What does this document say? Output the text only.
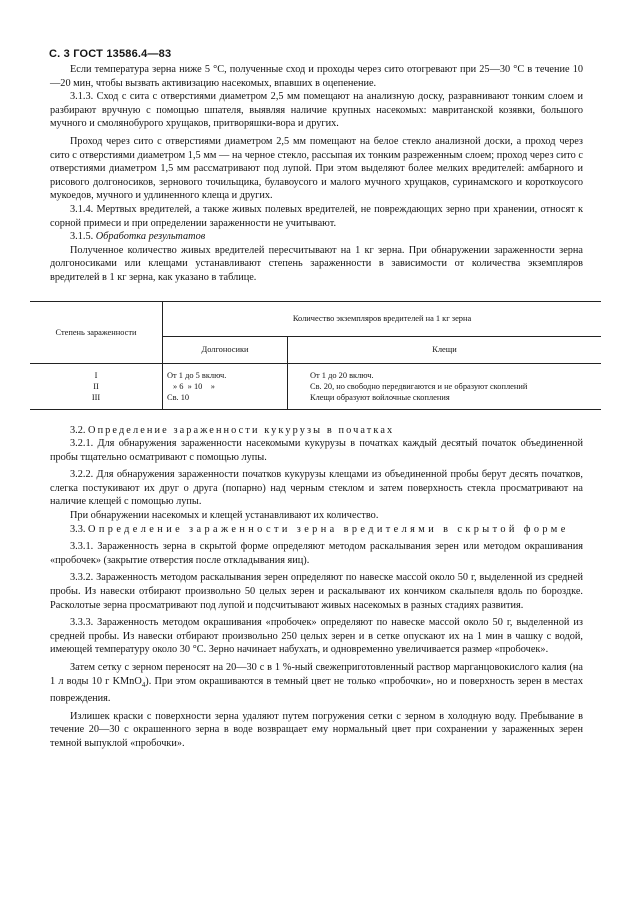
С. 3 ГОСТ 13586.4—83

Если температура зерна ниже 5 °С, полученные сход и проходы через сито отогревают при 25—30 °С в течение 10—20 мин, чтобы вызвать активизацию насекомых, впавших в оцепенение.

3.1.3. Сход с сита с отверстиями диаметром 2,5 мм помещают на анализную доску, разравнивают тонким слоем и разбирают вручную с помощью шпателя, выявляя наличие крупных насекомых: мавританской козявки, большого мучного и смолянобурого хрущаков, притворяшки-вора и других.

Проход через сито с отверстиями диаметром 2,5 мм помещают на белое стекло анализной доски, а проход через сито с отверстиями диаметром 1,5 мм — на черное стекло, рассыпая их тонким разреженным слоем; проход через сито с отверстиями диаметром 1,5 мм рассматривают под лупой. При этом выделяют более мелких вредителей: амбарного и рисового долгоносиков, зернового точильщика, булавоусого и малого мучного хрущаков, суринамского и короткоусого мукоедов, мучного и удлиненного клеща и других.

3.1.4. Мертвых вредителей, а также живых полевых вредителей, не повреждающих зерно при хранении, относят к сорной примеси и при определении зараженности не учитывают.

3.1.5. Обработка результатов

Полученное количество живых вредителей пересчитывают на 1 кг зерна. При обнаружении зараженности зерна долгоносиками или клещами устанавливают степень зараженности в зависимости от количества экземпляров вредителей в 1 кг зерна, как указано в таблице.

Степень зараженности	Количество экземпляров вредителей на 1 кг зерна	
	Долгоносики	Клещи
I	От 1 до 5 включ.	От 1 до 20 включ.
II	» 6  » 10    »	Св. 20, но свободно передвигаются и не образуют скоплений
III	Св. 10	Клещи образуют войлочные скопления

3.2. Определение зараженности кукурузы в початках

3.2.1. Для обнаружения зараженности насекомыми кукурузы в початках каждый десятый початок объединенной пробы тщательно осматривают с помощью лупы.

3.2.2. Для обнаружения зараженности початков кукурузы клещами из объединенной пробы берут десять початков, слегка постукивают их друг о друга (попарно) над черным стеклом и затем поверхность стекла просматривают на наличие клещей с помощью лупы.

При обнаружении насекомых и клещей устанавливают их количество.

3.3. Определение зараженности зерна вредителями в скрытой форме

3.3.1. Зараженность зерна в скрытой форме определяют методом раскалывания зерен или методом окрашивания «пробочек» (закрытие отверстия после откладывания яиц).

3.3.2. Зараженность методом раскалывания зерен определяют по навеске массой около 50 г, выделенной из средней пробы. Из навески отбирают произвольно 50 целых зерен и раскалывают их кончиком скальпеля вдоль по бороздке. Расколотые зерна просматривают под лупой и подсчитывают живых насекомых в разных стадиях развития.

3.3.3. Зараженность методом окрашивания «пробочек» определяют по навеске массой около 50 г, выделенной из средней пробы. Из навески отбирают произвольно 250 целых зерен и в сетке опускают их на 1 мин в чашку с водой, имеющей температуру около 30 °С. Зерно начинает набухать, и одновременно увеличивается размер «пробочек».

Затем сетку с зерном переносят на 20—30 с в 1 %-ный свежеприготовленный раствор марганцовокислого калия (на 1 л воды 10 г KMnO$_4$). При этом окрашиваются в темный цвет не только «пробочки», но и поверхность зерен в местах повреждения.

Излишек краски с поверхности зерна удаляют путем погружения сетки с зерном в холодную воду. Пребывание в течение 20—30 с окрашенного зерна в воде возвращает ему нормальный цвет при сохранении у зараженных зерен темной выпуклой «пробочки».
